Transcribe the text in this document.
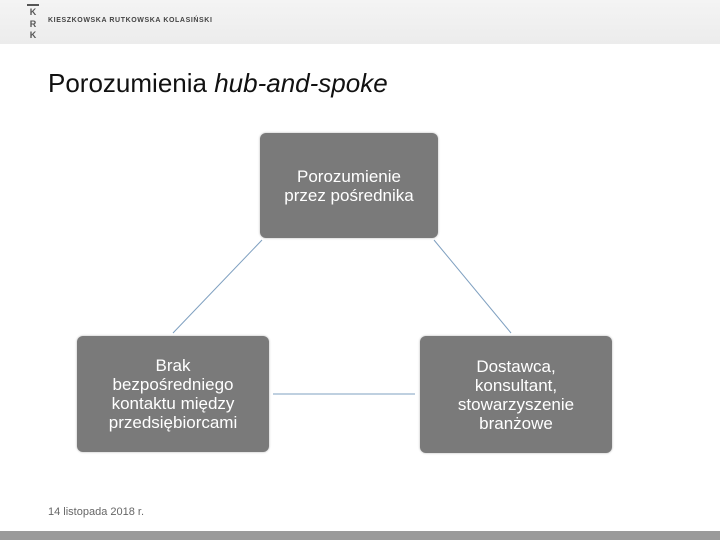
K
R
K
KIESZKOWSKA RUTKOWSKA KOLASIŃSKI
Porozumienia hub-and-spoke
Porozumienie
przez pośrednika
Brak
bezpośredniego
kontaktu między
przedsiębiorcami
Dostawca,
konsultant,
stowarzyszenie
branżowe
14 listopada 2018 r.
